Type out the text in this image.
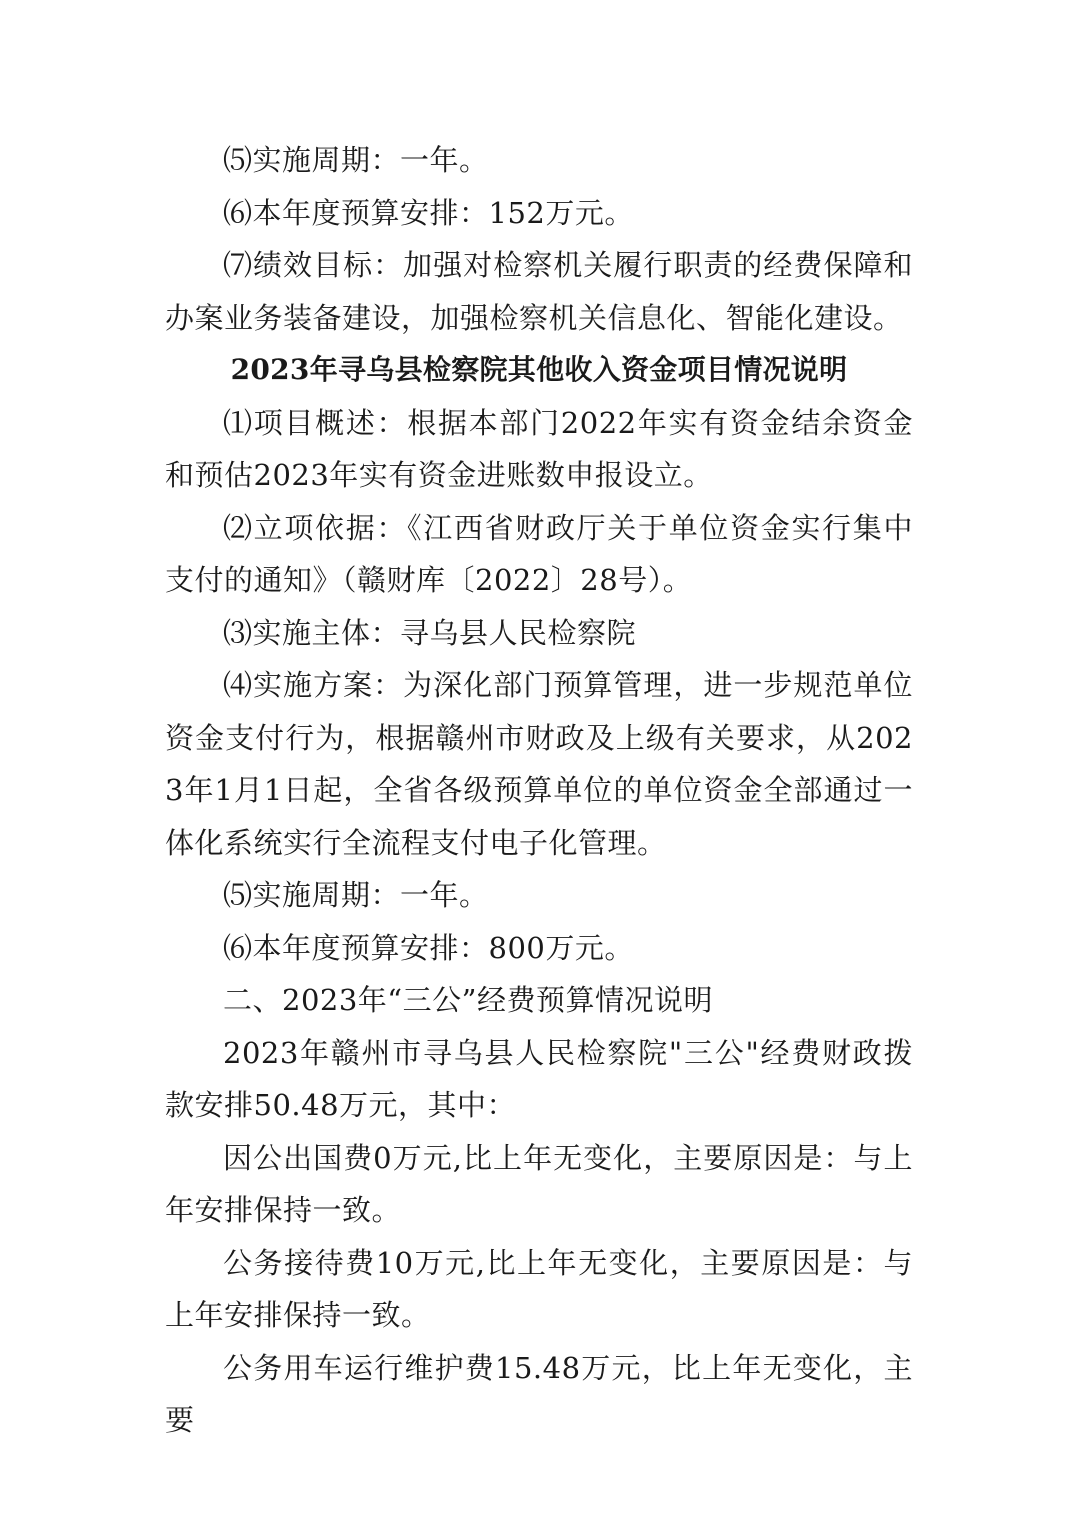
⑸实施周期：一年。

⑹本年度预算安排：152万元。

⑺绩效目标：加强对检察机关履行职责的经费保障和办案业务装备建设，加强检察机关信息化、智能化建设。

2023年寻乌县检察院其他收入资金项目情况说明

⑴项目概述：根据本部门2022年实有资金结余资金和预估2023年实有资金进账数申报设立。

⑵立项依据：《江西省财政厅关于单位资金实行集中支付的通知》（赣财库〔2022〕28号）。

⑶实施主体：寻乌县人民检察院

⑷实施方案：为深化部门预算管理，进一步规范单位资金支付行为，根据赣州市财政及上级有关要求，从2023年1月1日起，全省各级预算单位的单位资金全部通过一体化系统实行全流程支付电子化管理。

⑸实施周期：一年。

⑹本年度预算安排：800万元。

二、2023年“三公”经费预算情况说明

2023年赣州市寻乌县人民检察院"三公"经费财政拨款安排50.48万元，其中：

因公出国费0万元,比上年无变化，主要原因是：与上年安排保持一致。

公务接待费10万元,比上年无变化，主要原因是：与上年安排保持一致。

公务用车运行维护费15.48万元，比上年无变化，主要
